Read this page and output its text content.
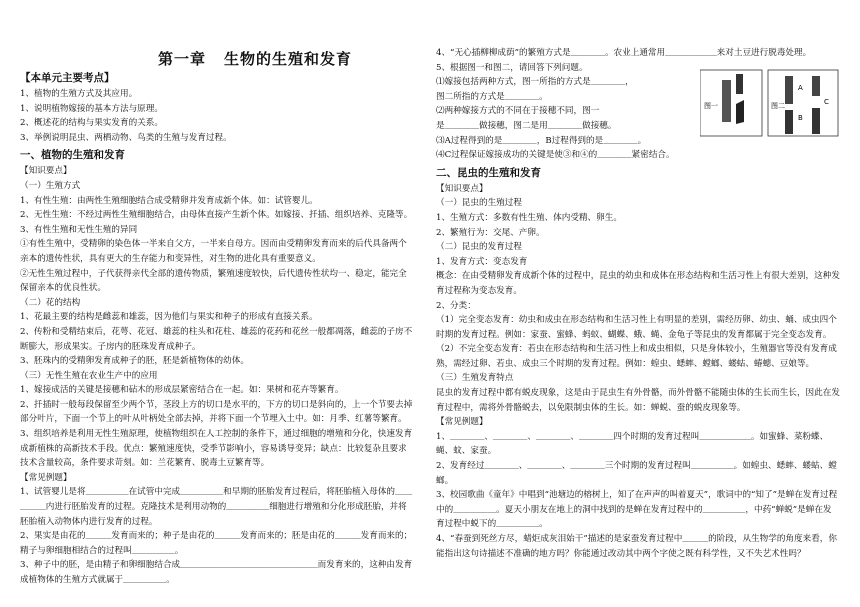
第一章 生物的生殖和发育

【本单元主要考点】

1、植物的生殖方式及其应用。

1、说明植物嫁接的基本方法与原理。

2、概述花的结构与果实发育的关系。

3、举例说明昆虫、两栖动物、鸟类的生殖与发育过程。

一、植物的生殖和发育

【知识要点】

（一）生殖方式

1、有性生殖：由两性生殖细胞结合成受精卵并发育成新个体。如：试管婴儿。

2、无性生殖：不经过两性生殖细胞结合，由母体直接产生新个体。如嫁接、扦插、组织培养、克隆等。

3、有性生殖和无性生殖的异同

①有性生殖中，受精卵的染色体一半来自父方，一半来自母方。因而由受精卵发育而来的后代具备两个亲本的遗传性状，具有更大的生存能力和变异性，对生物的进化具有重要意义。

②无性生殖过程中，子代获得亲代全部的遗传物质，繁殖速度较快，后代遗传性状均一、稳定，能完全保留亲本的优良性状。

（二）花的结构

1、花最主要的结构是雌蕊和雄蕊，因为他们与果实和种子的形成有直接关系。

2、传粉和受精结束后，花萼、花冠、雄蕊的柱头和花柱、雄蕊的花药和花丝一般都凋落，雌蕊的子房不断膨大，形成果实。子房内的胚珠发育成种子。

3、胚珠内的受精卵发育成种子的胚，胚是新植物体的幼体。

（三）无性生殖在农业生产中的应用

1、嫁接成活的关键是接穗和砧木的形成层紧密结合在一起。如：果树和花卉等繁育。

2、扦插时一般每段保留至少两个节，茎段上方的切口是水平的，下方的切口是斜向的，上一个节要去掉部分叶片，下面一个节上的叶从叶柄处全部去掉，并将下面一个节埋入土中。如：月季、红薯等繁育。

3、组织培养是利用无性生殖原理，使植物组织在人工控制的条件下，通过细胞的增殖和分化，快速发育成新植株的高新技术手段。优点：繁殖速度快，受季节影响小，容易诱导变异；缺点：比较复杂且要求技术含量较高，条件要求苛刻。如：兰花繁育、脱毒土豆繁育等。

【常见例题】

1、试管婴儿是将＿＿＿＿＿在试管中完成＿＿＿＿＿和早期的胚胎发育过程后，将胚胎植入母体的＿＿＿＿＿内进行胚胎发育的过程。克隆技术是利用动物的＿＿＿＿＿细胞进行增殖和分化形成胚胎，并将胚胎植入动物体内进行发育的过程。

2、果实是由花的＿＿＿发育而来的；种子是由花的＿＿＿发育而来的；胚是由花的＿＿＿发育而来的；精子与卵细胞相结合的过程叫＿＿＿＿＿。

3、种子中的胚，是由精子和卵细胞结合成＿＿＿＿＿＿＿＿＿＿＿＿＿＿＿＿而发育来的，这种由发育成植物体的生殖方式就属于＿＿＿＿＿。

图一	图二
A
B
C

4、“无心插柳柳成荫”的繁殖方式是＿＿＿＿。农业上通常用＿＿＿＿＿＿来对土豆进行脱毒处理。

5、根据图一和图二，请回答下列问题。

⑴嫁接包括两种方式，图一所指的方式是＿＿＿＿，

图二所指的方式是＿＿＿＿。

⑵两种嫁接方式的不同在于接穗不同，图一

是＿＿＿＿做接穗，图二是用＿＿＿＿做接穗。

⑶A过程得到的是＿＿＿＿，B过程得到的是＿＿＿＿。

⑷C过程保证嫁接成功的关键是使③和④的＿＿＿＿紧密结合。

二、昆虫的生殖和发育

【知识要点】

（一）昆虫的生殖过程

1、生殖方式：多数有性生殖、体内受精、卵生。

2、繁殖行为：交尾、产卵。

（二）昆虫的发育过程

1、发育方式：变态发育

概念：在由受精卵发育成新个体的过程中，昆虫的幼虫和成体在形态结构和生活习性上有很大差别，这种发育过程称为变态发育。

2、分类：

（1）完全变态发育：幼虫和成虫在形态结构和生活习性上有明显的差别，需经历卵、幼虫、蛹、成虫四个时期的发育过程。例如：家蚕、蜜蜂、蚂蚁、蝴蝶、蛾、蝇、金龟子等昆虫的发育都属于完全变态发育。

（2）不完全变态发育：若虫在形态结构和生活习性上和成虫相似，只是身体较小，生殖器官等没有发育成熟，需经过卵、若虫、成虫三个时期的发育过程。例如：蝗虫、蟋蟀、螳螂、蝼蛄、蝽蟌、豆娘等。

（三）生殖发育特点

昆虫的发育过程中都有蜕皮现象，这是由于昆虫生有外骨骼，而外骨骼不能随虫体的生长而生长，因此在发育过程中，需将外骨骼蜕去，以免限制虫体的生长。如：蝉蜕、蚕的蜕皮现象等。

【常见例题】

1、＿＿＿＿、＿＿＿＿、＿＿＿＿、＿＿＿＿四个时期的发育过程叫＿＿＿＿＿＿。如蜜蜂、菜粉蝶、蝇、蚊、家蚕。

2、发育经过＿＿＿＿、＿＿＿＿、＿＿＿＿三个时期的发育过程叫＿＿＿＿＿。如蝗虫、蟋蟀、蝼蛄、螳螂。

3、校园歌曲《童年》中唱到“池塘边的榕树上，知了在声声的叫着夏天”，歌词中的“知了”是蝉在发育过程中的＿＿＿＿＿。夏天小朋友在地上的洞中找到的是蝉在发育过程中的＿＿＿＿＿，中药“蝉蜕”是蝉在发育过程中蜕下的＿＿＿＿＿。

4、“春蚕到死丝方尽，蜡炬成灰泪始干”描述的是家蚕发育过程中＿＿＿的阶段，从生物学的角度来看，你能指出这句诗描述不准确的地方吗？你能通过改动其中两个字使之既有科学性，又不失艺术性吗？
